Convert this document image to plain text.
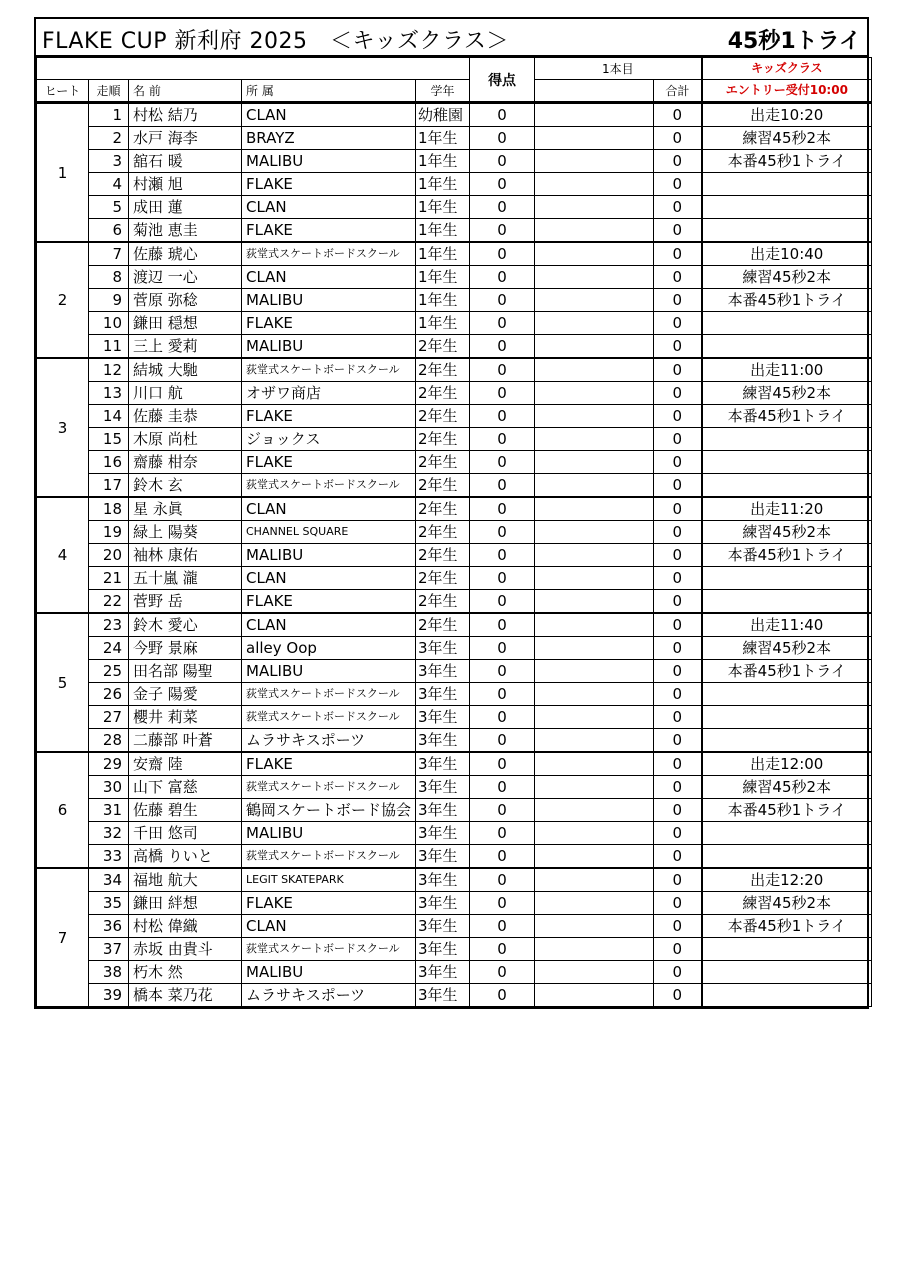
FLAKE CUP 新利府 2025　＜キッズクラス＞	45秒1トライ
					得点	1本目		キッズクラス
ヒート	走順	名 前	所 属	学年			合計	エントリー受付10:00
1	1	村松 結乃	CLAN	幼稚園	0		0	出走10:20
	2	水戸 海李	BRAYZ	1年生	0		0	練習45秒2本
	3	舘石 暖	MALIBU	1年生	0		0	本番45秒1トライ
	4	村瀬 旭	FLAKE	1年生	0		0	
	5	成田 蓮	CLAN	1年生	0		0	
	6	菊池 恵圭	FLAKE	1年生	0		0	
2	7	佐藤 琥心	荻堂式スケートボードスクール	1年生	0		0	出走10:40
	8	渡辺 一心	CLAN	1年生	0		0	練習45秒2本
	9	菅原 弥稔	MALIBU	1年生	0		0	本番45秒1トライ
	10	鎌田 穏想	FLAKE	1年生	0		0	
	11	三上 愛莉	MALIBU	2年生	0		0	
3	12	結城 大馳	荻堂式スケートボードスクール	2年生	0		0	出走11:00
	13	川口 航	オザワ商店	2年生	0		0	練習45秒2本
	14	佐藤 圭恭	FLAKE	2年生	0		0	本番45秒1トライ
	15	木原 尚杜	ジョックス	2年生	0		0	
	16	齋藤 柑奈	FLAKE	2年生	0		0	
	17	鈴木 玄	荻堂式スケートボードスクール	2年生	0		0	
4	18	星 永眞	CLAN	2年生	0		0	出走11:20
	19	緑上 陽葵	CHANNEL SQUARE	2年生	0		0	練習45秒2本
	20	袖林 康佑	MALIBU	2年生	0		0	本番45秒1トライ
	21	五十嵐 瀧	CLAN	2年生	0		0	
	22	菅野 岳	FLAKE	2年生	0		0	
5	23	鈴木 愛心	CLAN	2年生	0		0	出走11:40
	24	今野 景麻	alley Oop	3年生	0		0	練習45秒2本
	25	田名部 陽聖	MALIBU	3年生	0		0	本番45秒1トライ
	26	金子 陽愛	荻堂式スケートボードスクール	3年生	0		0	
	27	櫻井 莉菜	荻堂式スケートボードスクール	3年生	0		0	
	28	二藤部 叶蒼	ムラサキスポーツ	3年生	0		0	
6	29	安齋 陸	FLAKE	3年生	0		0	出走12:00
	30	山下 富慈	荻堂式スケートボードスクール	3年生	0		0	練習45秒2本
	31	佐藤 碧生	鶴岡スケートボード協会	3年生	0		0	本番45秒1トライ
	32	千田 悠司	MALIBU	3年生	0		0	
	33	高橋 りいと	荻堂式スケートボードスクール	3年生	0		0	
7	34	福地 航大	LEGIT SKATEPARK	3年生	0		0	出走12:20
	35	鎌田 絆想	FLAKE	3年生	0		0	練習45秒2本
	36	村松 偉織	CLAN	3年生	0		0	本番45秒1トライ
	37	赤坂 由貴斗	荻堂式スケートボードスクール	3年生	0		0	
	38	朽木 然	MALIBU	3年生	0		0	
	39	橋本 菜乃花	ムラサキスポーツ	3年生	0		0	
